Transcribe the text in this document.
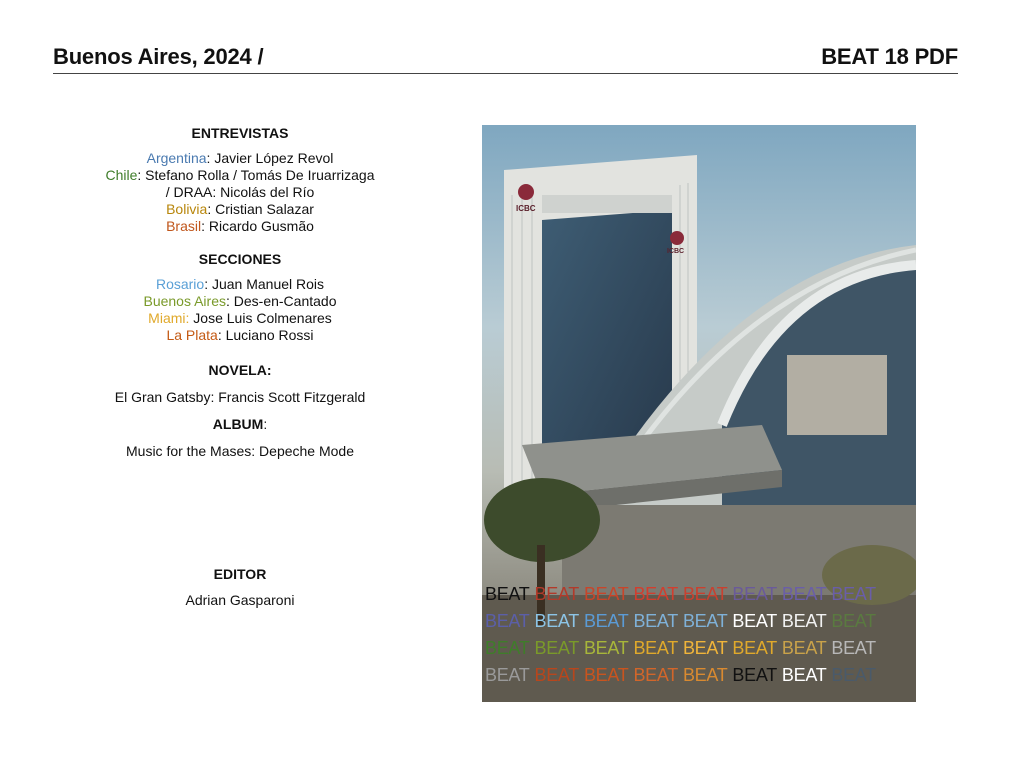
Buenos Aires, 2024 /	BEAT 18 PDF
ENTREVISTAS
Argentina: Javier López Revol
Chile: Stefano Rolla / Tomás De Iruarrizaga
/ DRAA: Nicolás del Río
Bolivia: Cristian Salazar
Brasil: Ricardo Gusmão
SECCIONES
Rosario: Juan Manuel Rois
Buenos Aires: Des-en-Cantado
Miami: Jose Luis Colmenares
La Plata: Luciano Rossi
NOVELA:
El Gran Gatsby: Francis Scott Fitzgerald
ALBUM:
Music for the Mases: Depeche Mode
EDITOR
Adrian Gasparoni
ICBC
ICBC
BEAT BEAT BEAT BEAT BEAT BEAT BEAT BEAT
BEAT BEAT BEAT BEAT BEAT BEAT BEAT BEAT
BEAT BEAT BEAT BEAT BEAT BEAT BEAT BEAT
BEAT BEAT BEAT BEAT BEAT BEAT BEAT BEAT
